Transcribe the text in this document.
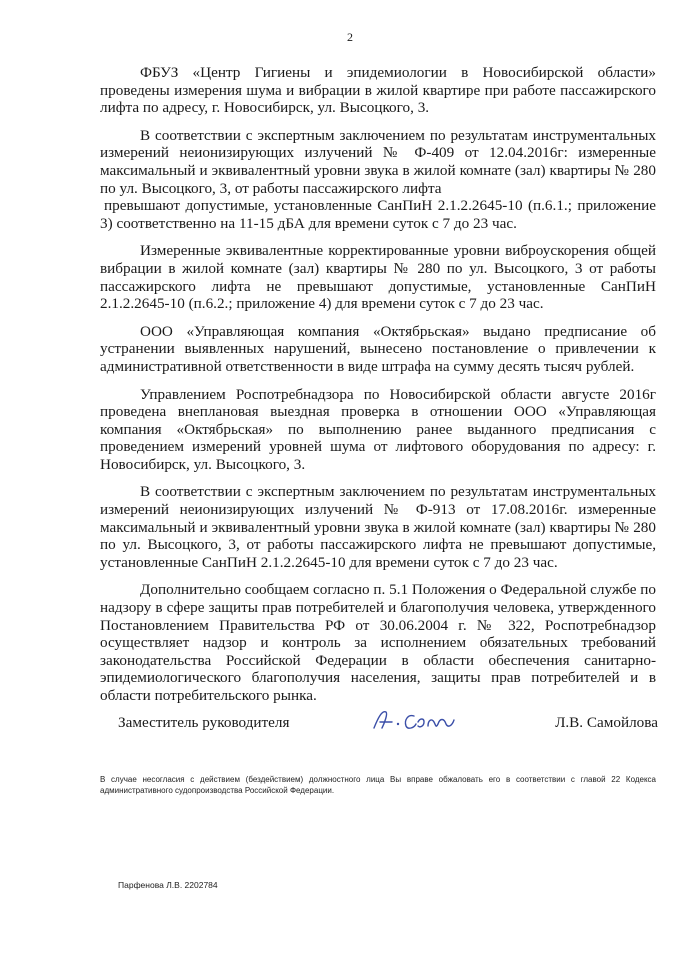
2

ФБУЗ «Центр Гигиены и эпидемиологии в Новосибирской области» проведены измерения шума и вибрации в жилой квартире при работе пассажирского лифта по адресу, г. Новосибирск, ул. Высоцкого, 3.

В соответствии с экспертным заключением по результатам инструментальных измерений неионизирующих излучений № Ф-409 от 12.04.2016г: измеренные максимальный и эквивалентный уровни звука в жилой комнате (зал) квартиры № 280 по ул. Высоцкого, 3, от работы пассажирского лифта

превышают допустимые, установленные СанПиН 2.1.2.2645-10 (п.6.1.; приложение 3) соответственно на 11-15 дБА для времени суток с 7 до 23 час.

Измеренные эквивалентные корректированные уровни виброускорения общей вибрации в жилой комнате (зал) квартиры № 280 по ул. Высоцкого, 3 от работы пассажирского лифта не превышают допустимые, установленные СанПиН 2.1.2.2645-10 (п.6.2.; приложение 4) для времени суток с 7 до 23 час.

ООО «Управляющая компания «Октябрьская» выдано предписание об устранении выявленных нарушений, вынесено постановление о привлечении к административной ответственности в виде штрафа на сумму десять тысяч рублей.

Управлением Роспотребнадзора по Новосибирской области августе 2016г проведена внеплановая выездная проверка в отношении ООО «Управляющая компания «Октябрьская» по выполнению ранее выданного предписания с проведением измерений уровней шума от лифтового оборудования по адресу: г. Новосибирск, ул. Высоцкого, 3.

В соответствии с экспертным заключением по результатам инструментальных измерений неионизирующих излучений № Ф-913 от 17.08.2016г. измеренные максимальный и эквивалентный уровни звука в жилой комнате (зал) квартиры № 280 по ул. Высоцкого, 3, от работы пассажирского лифта не превышают допустимые, установленные СанПиН 2.1.2.2645-10 для времени суток с 7 до 23 час.

Дополнительно сообщаем согласно п. 5.1 Положения о Федеральной службе по надзору в сфере защиты прав потребителей и благополучия человека, утвержденного Постановлением Правительства РФ от 30.06.2004 г. № 322, Роспотребнадзор осуществляет надзор и контроль за исполнением обязательных требований законодательства Российской Федерации в области обеспечения санитарно-эпидемиологического благополучия населения, защиты прав потребителей и в области потребительского рынка.

Заместитель руководителя	Л.В. Самойлова
В случае несогласия с действием (бездействием) должностного лица Вы вправе обжаловать его в соответствии с главой 22 Кодекса административного судопроизводства Российской Федерации.
Парфенова Л.В. 2202784
